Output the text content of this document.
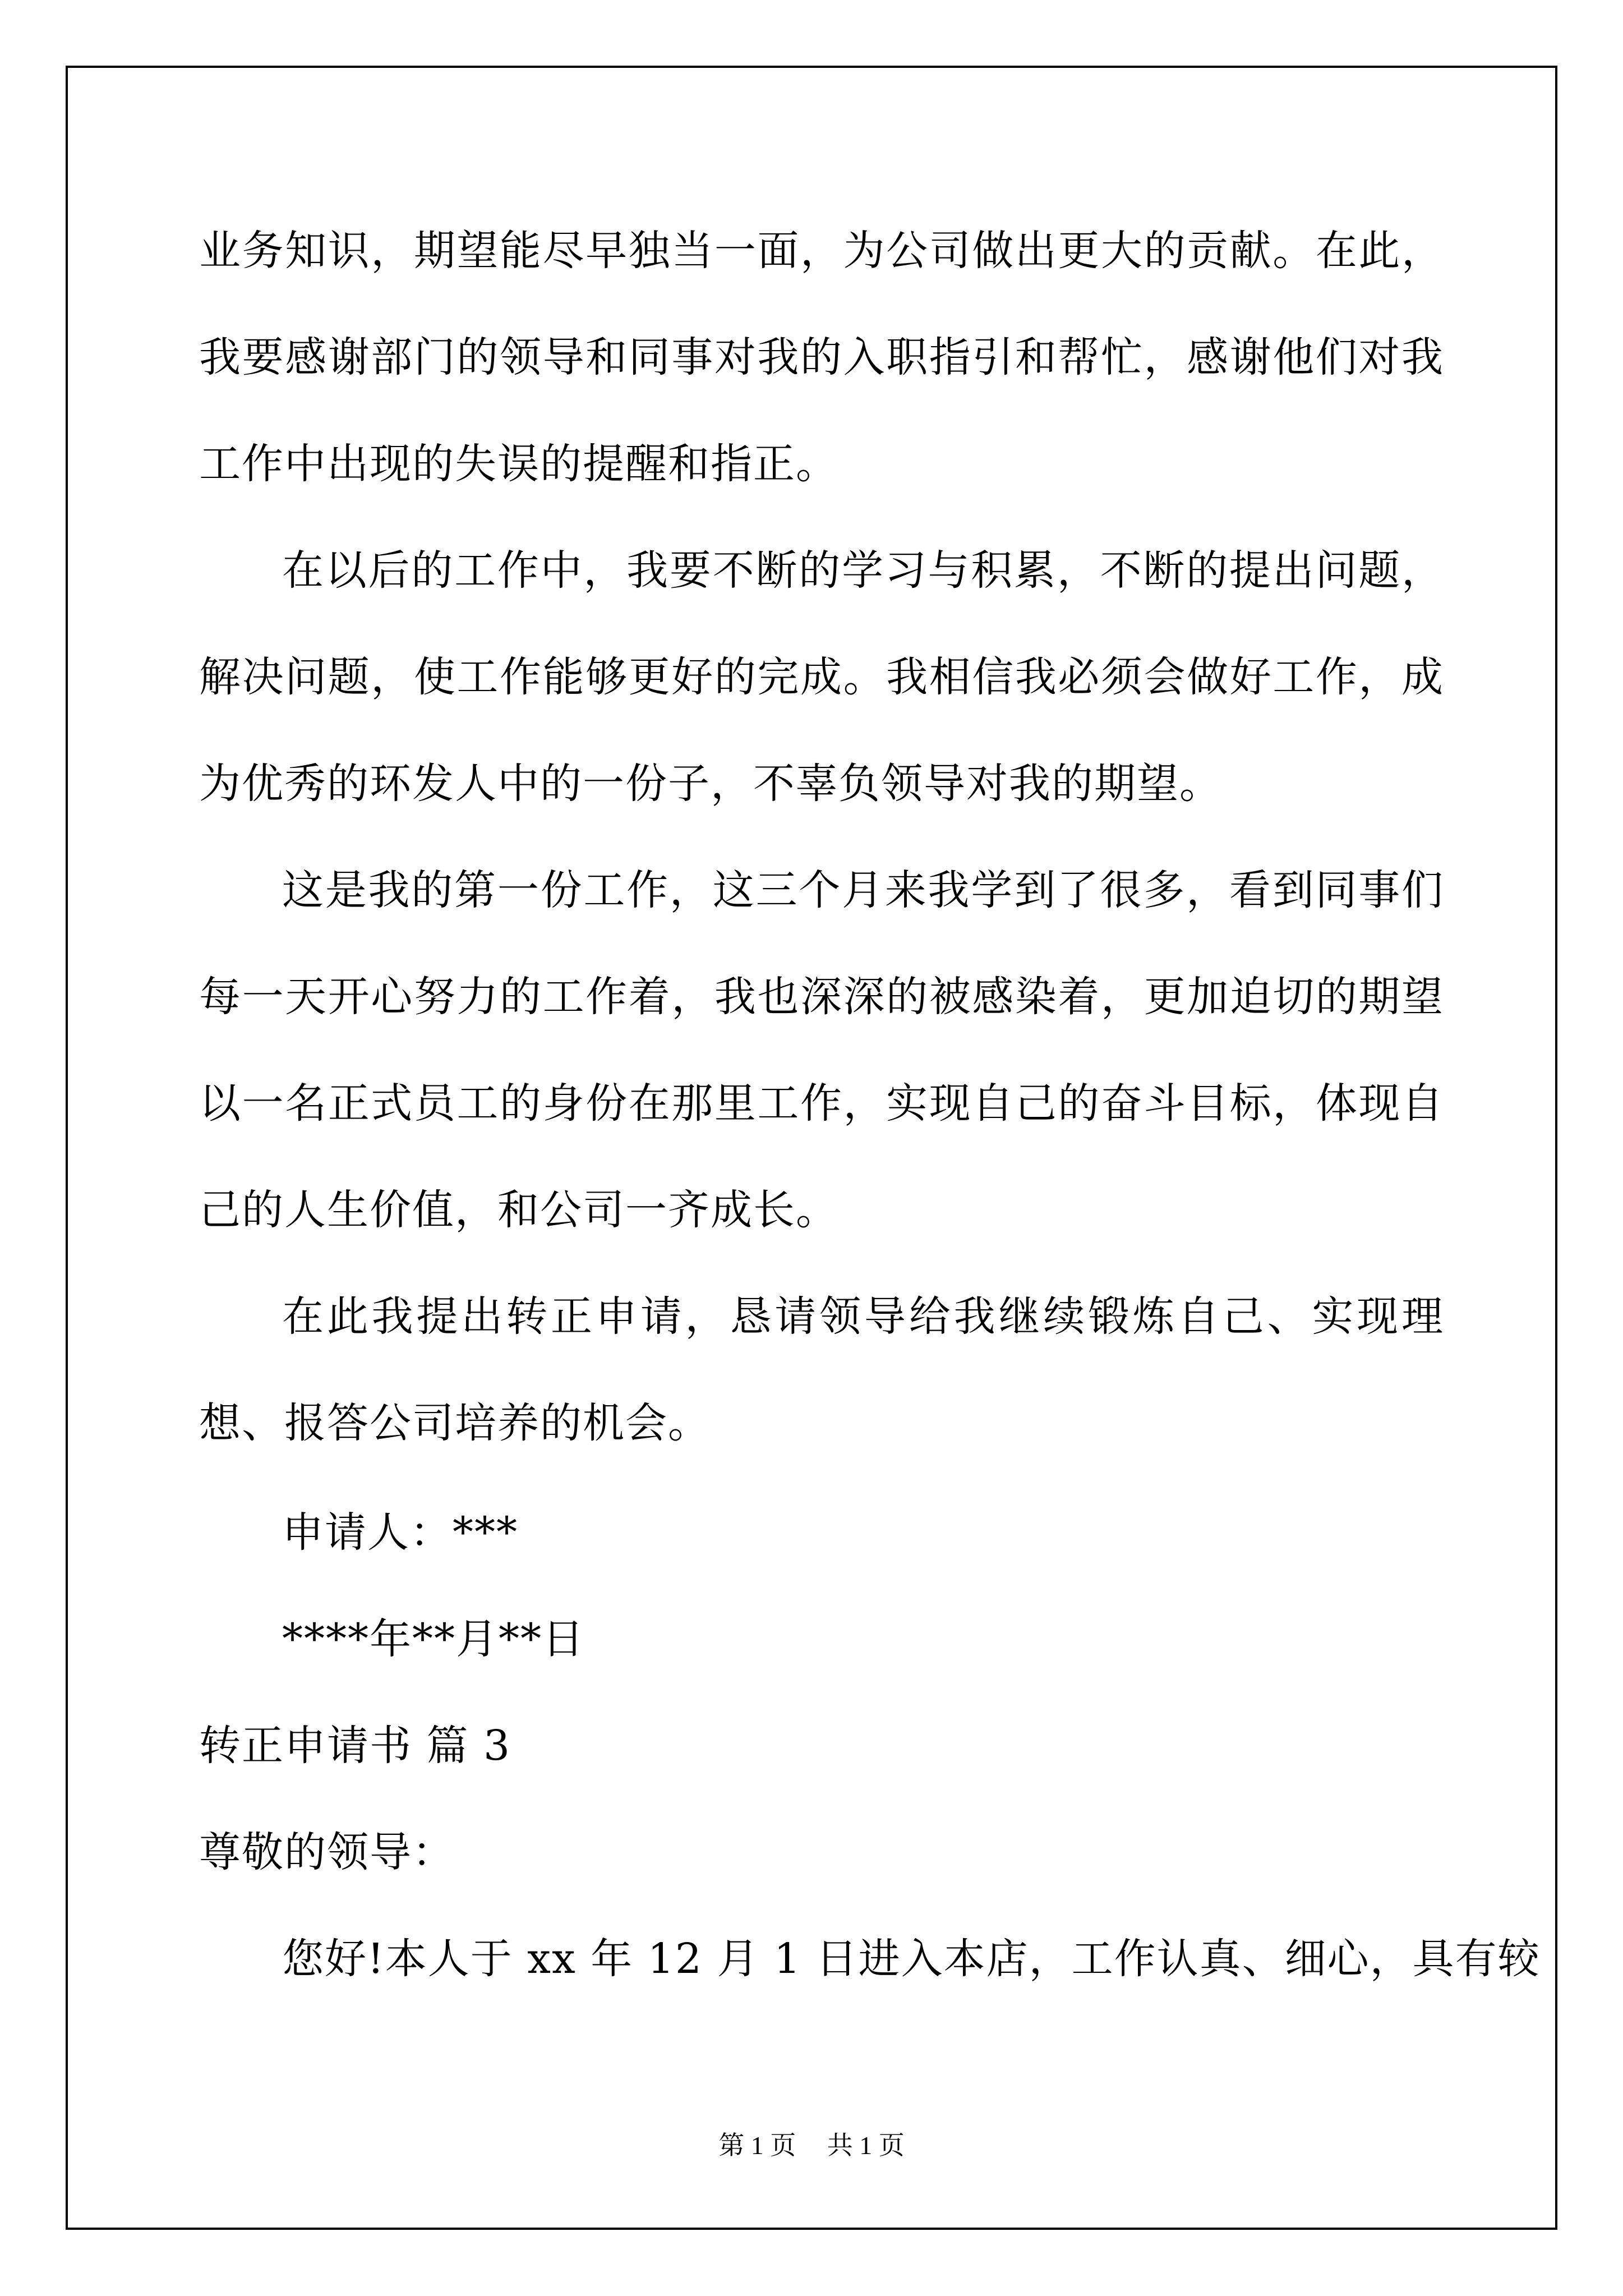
业务知识，期望能尽早独当一面，为公司做出更大的贡献。在此，我要感谢部门的领导和同事对我的入职指引和帮忙，感谢他们对我工作中出现的失误的提醒和指正。

在以后的工作中，我要不断的学习与积累，不断的提出问题，解决问题，使工作能够更好的完成。我相信我必须会做好工作，成为优秀的环发人中的一份子，不辜负领导对我的期望。

这是我的第一份工作，这三个月来我学到了很多，看到同事们每一天开心努力的工作着，我也深深的被感染着，更加迫切的期望以一名正式员工的身份在那里工作，实现自己的奋斗目标，体现自己的人生价值，和公司一齐成长。

在此我提出转正申请，恳请领导给我继续锻炼自己、实现理想、报答公司培养的机会。

申请人：***
****年**月**日
转正申请书 篇 3
尊敬的领导：
您好!本人于 xx 年 12 月 1 日进入本店，工作认真、细心，具有较
第 1 页 共 1 页
